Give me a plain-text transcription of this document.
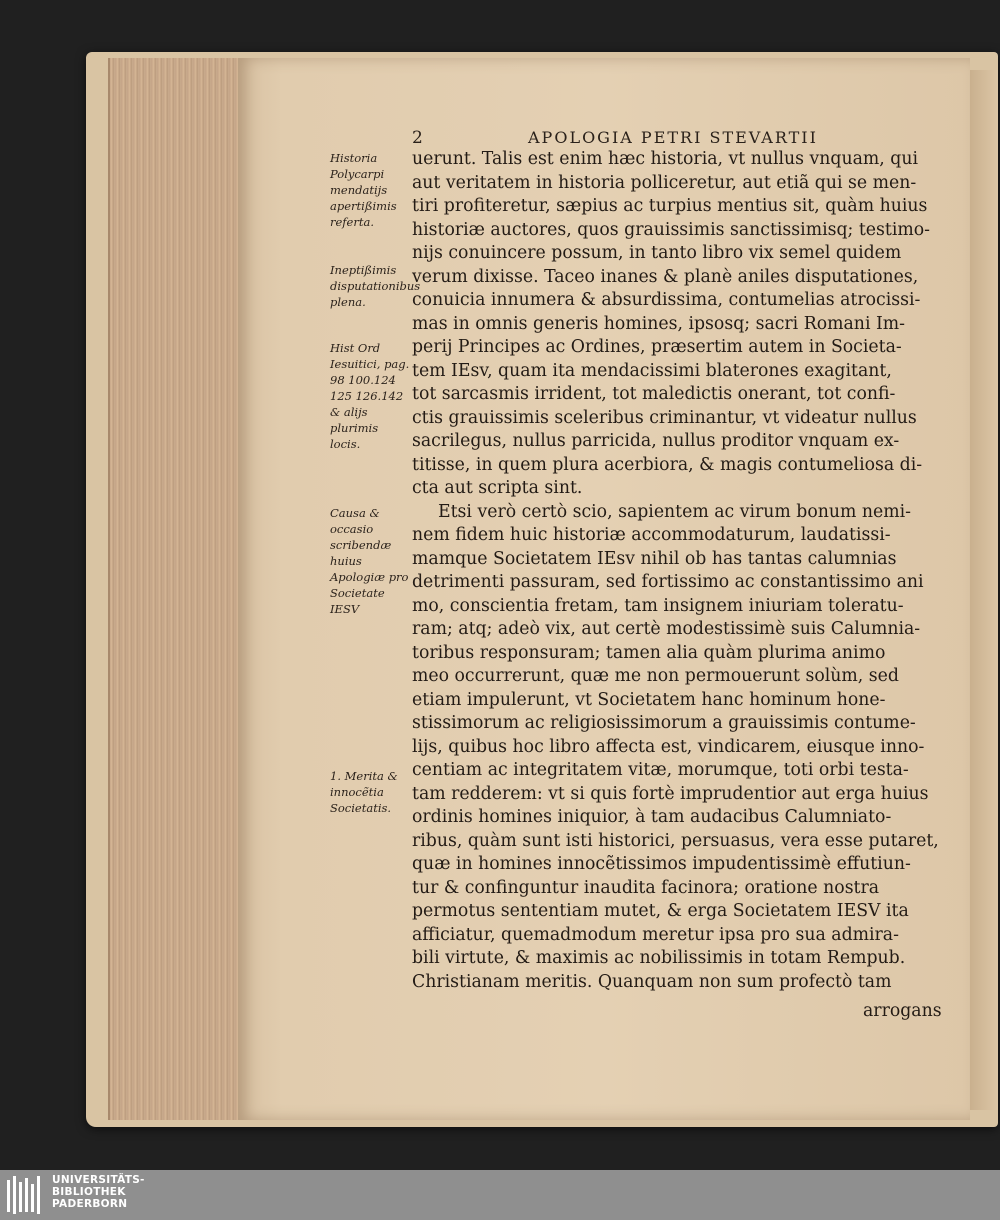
2	APOLOGIA PETRI STEVARTII
Historia Polycarpi mendatijs apertißimis referta.
Ineptißimis disputationibus plena.
Hist Ord Iesuitici, pag. 98 100.124 125 126.142 & alijs plurimis locis.
Causa & occasio scribendæ huius Apologiæ pro Societate IESV
1. Merita & innocẽtia Societatis.
uerunt. Talis est enim hæc historia, vt nullus vnquam, qui
aut veritatem in historia polliceretur, aut etiã qui se men-
tiri profiteretur, sæpius ac turpius mentius sit, quàm huius
historiæ auctores, quos grauissimis sanctissimisq; testimo-
nijs conuincere possum, in tanto libro vix semel quidem
verum dixisse. Taceo inanes & planè aniles disputationes,
conuicia innumera & absurdissima, contumelias atrocissi-
mas in omnis generis homines, ipsosq; sacri Romani Im-
perij Principes ac Ordines, præsertim autem in Societa-
tem IEsv, quam ita mendacissimi blaterones exagitant,
tot sarcasmis irrident, tot maledictis onerant, tot confi-
ctis grauissimis sceleribus criminantur, vt videatur nullus
sacrilegus, nullus parricida, nullus proditor vnquam ex-
titisse, in quem plura acerbiora, & magis contumeliosa di-
cta aut scripta sint.
Etsi verò certò scio, sapientem ac virum bonum nemi-
nem fidem huic historiæ accommodaturum, laudatissi-
mamque Societatem IEsv nihil ob has tantas calumnias
detrimenti passuram, sed fortissimo ac constantissimo ani
mo, conscientia fretam, tam insignem iniuriam toleratu-
ram; atq; adeò vix, aut certè modestissimè suis Calumnia-
toribus responsuram; tamen alia quàm plurima animo
meo occurrerunt, quæ me non permouerunt solùm, sed
etiam impulerunt, vt Societatem hanc hominum hone-
stissimorum ac religiosissimorum a grauissimis contume-
lijs, quibus hoc libro affecta est, vindicarem, eiusque inno-
centiam ac integritatem vitæ, morumque, toti orbi testa-
tam redderem: vt si quis fortè imprudentior aut erga huius
ordinis homines iniquior, à tam audacibus Calumniato-
ribus, quàm sunt isti historici, persuasus, vera esse putaret,
quæ in homines innocẽtissimos impudentissimè effutiun-
tur & confinguntur inaudita facinora; oratione nostra
permotus sententiam mutet, & erga Societatem IESV ita
afficiatur, quemadmodum meretur ipsa pro sua admira-
bili virtute, & maximis ac nobilissimis in totam Rempub.
Christianam meritis. Quanquam non sum profectò tam
arrogans
UNIVERSITÄTS-
BIBLIOTHEK
PADERBORN
